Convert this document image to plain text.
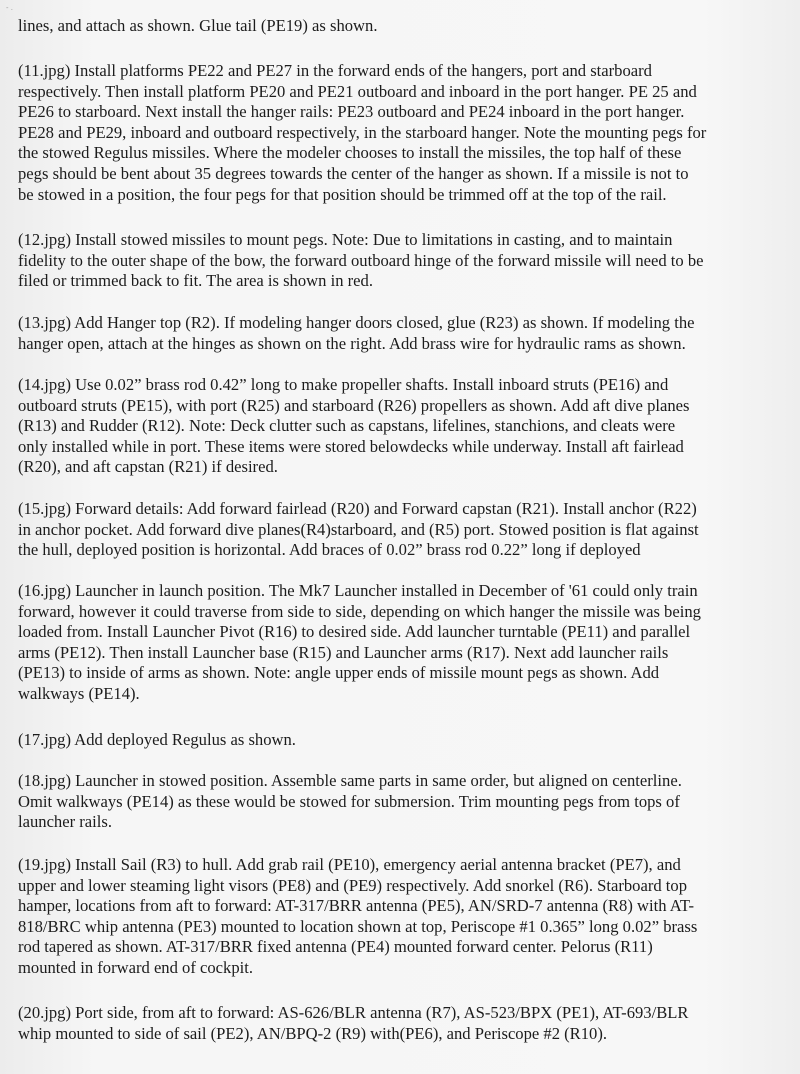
- .

lines, and attach as shown. Glue tail (PE19) as shown.

(11.jpg) Install platforms PE22 and PE27 in the forward ends of the hangers, port and starboard
respectively. Then install platform PE20 and PE21 outboard and inboard in the port hanger. PE 25 and
PE26 to starboard. Next install the hanger rails: PE23 outboard and PE24 inboard in the port hanger.
PE28 and PE29, inboard and outboard respectively, in the starboard hanger. Note the mounting pegs for
the stowed Regulus missiles. Where the modeler chooses to install the missiles, the top half of these
pegs should be bent about 35 degrees towards the center of the hanger as shown. If a missile is not to
be stowed in a position, the four pegs for that position should be trimmed off at the top of the rail.

(12.jpg) Install stowed missiles to mount pegs. Note: Due to limitations in casting, and to maintain
fidelity to the outer shape of the bow, the forward outboard hinge of the forward missile will need to be
filed or trimmed back to fit. The area is shown in red.

(13.jpg) Add Hanger top (R2). If modeling hanger doors closed, glue (R23) as shown. If modeling the
hanger open, attach at the hinges as shown on the right. Add brass wire for hydraulic rams as shown.

(14.jpg) Use 0.02” brass rod 0.42” long to make propeller shafts. Install inboard struts (PE16) and
outboard struts (PE15), with port (R25) and starboard (R26) propellers as shown. Add aft dive planes
(R13) and Rudder (R12). Note: Deck clutter such as capstans, lifelines, stanchions, and cleats were
only installed while in port. These items were stored belowdecks while underway. Install aft fairlead
(R20), and aft capstan (R21) if desired.

(15.jpg) Forward details: Add forward fairlead (R20) and Forward capstan (R21). Install anchor (R22)
in anchor pocket. Add forward dive planes(R4)starboard, and (R5) port. Stowed position is flat against
the hull, deployed position is horizontal. Add braces of 0.02” brass rod 0.22” long if deployed

(16.jpg) Launcher in launch position. The Mk7 Launcher installed in December of '61 could only train
forward, however it could traverse from side to side, depending on which hanger the missile was being
loaded from. Install Launcher Pivot (R16) to desired side. Add launcher turntable (PE11) and parallel
arms (PE12). Then install Launcher base (R15) and Launcher arms (R17). Next add launcher rails
(PE13) to inside of arms as shown. Note: angle upper ends of missile mount pegs as shown. Add
walkways (PE14).

(17.jpg) Add deployed Regulus as shown.

(18.jpg) Launcher in stowed position. Assemble same parts in same order, but aligned on centerline.
Omit walkways (PE14) as these would be stowed for submersion. Trim mounting pegs from tops of
launcher rails.

(19.jpg) Install Sail (R3) to hull. Add grab rail (PE10), emergency aerial antenna bracket (PE7), and
upper and lower steaming light visors (PE8) and (PE9) respectively. Add snorkel (R6). Starboard top
hamper, locations from aft to forward: AT-317/BRR antenna (PE5), AN/SRD-7 antenna (R8) with AT-
818/BRC whip antenna (PE3) mounted to location shown at top, Periscope #1 0.365” long 0.02” brass
rod tapered as shown. AT-317/BRR fixed antenna (PE4) mounted forward center. Pelorus (R11)
mounted in forward end of cockpit.

(20.jpg) Port side, from aft to forward: AS-626/BLR antenna (R7), AS-523/BPX (PE1), AT-693/BLR
whip mounted to side of sail (PE2), AN/BPQ-2 (R9) with(PE6), and Periscope #2 (R10).
